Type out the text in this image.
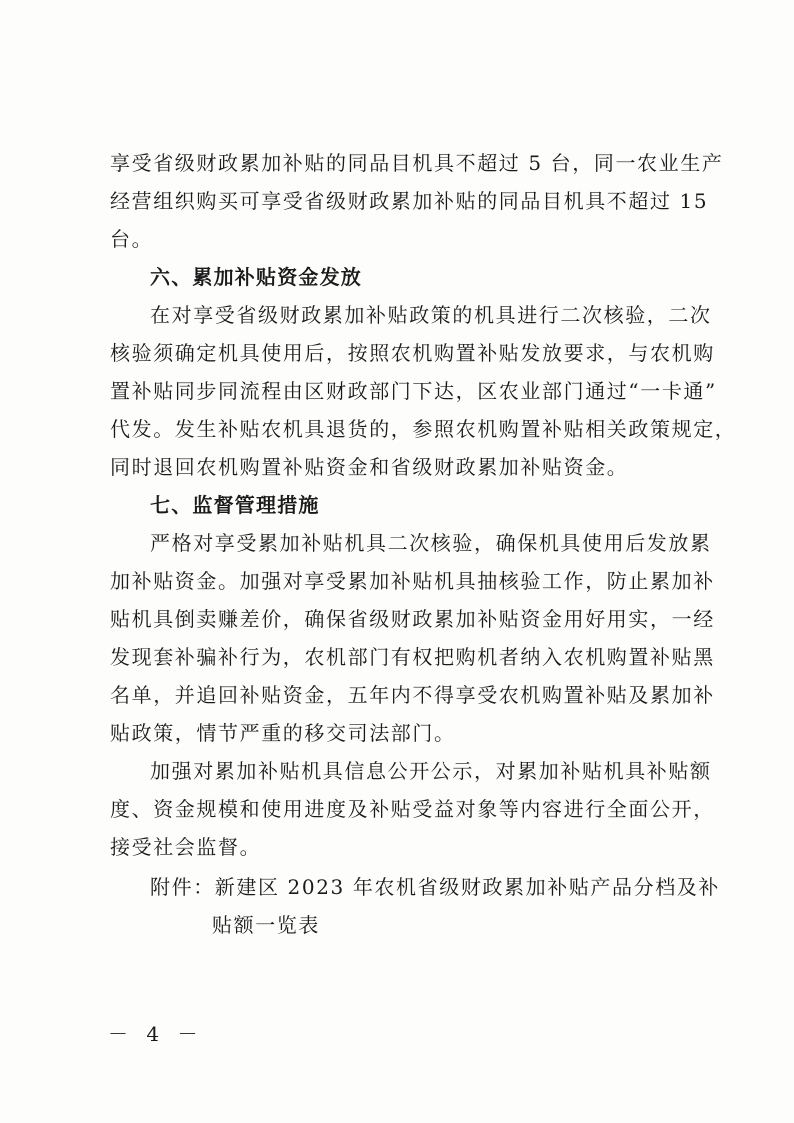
享受省级财政累加补贴的同品目机具不超过 5 台，同一农业生产
经营组织购买可享受省级财政累加补贴的同品目机具不超过 15
台。
六、累加补贴资金发放
在对享受省级财政累加补贴政策的机具进行二次核验，二次
核验须确定机具使用后，按照农机购置补贴发放要求，与农机购
置补贴同步同流程由区财政部门下达，区农业部门通过“一卡通”
代发。发生补贴农机具退货的，参照农机购置补贴相关政策规定，
同时退回农机购置补贴资金和省级财政累加补贴资金。
七、监督管理措施
严格对享受累加补贴机具二次核验，确保机具使用后发放累
加补贴资金。加强对享受累加补贴机具抽核验工作，防止累加补
贴机具倒卖赚差价，确保省级财政累加补贴资金用好用实，一经
发现套补骗补行为，农机部门有权把购机者纳入农机购置补贴黑
名单，并追回补贴资金，五年内不得享受农机购置补贴及累加补
贴政策，情节严重的移交司法部门。
加强对累加补贴机具信息公开公示，对累加补贴机具补贴额
度、资金规模和使用进度及补贴受益对象等内容进行全面公开，
接受社会监督。
附件：新建区 2023 年农机省级财政累加补贴产品分档及补
贴额一览表
－ 4 －
